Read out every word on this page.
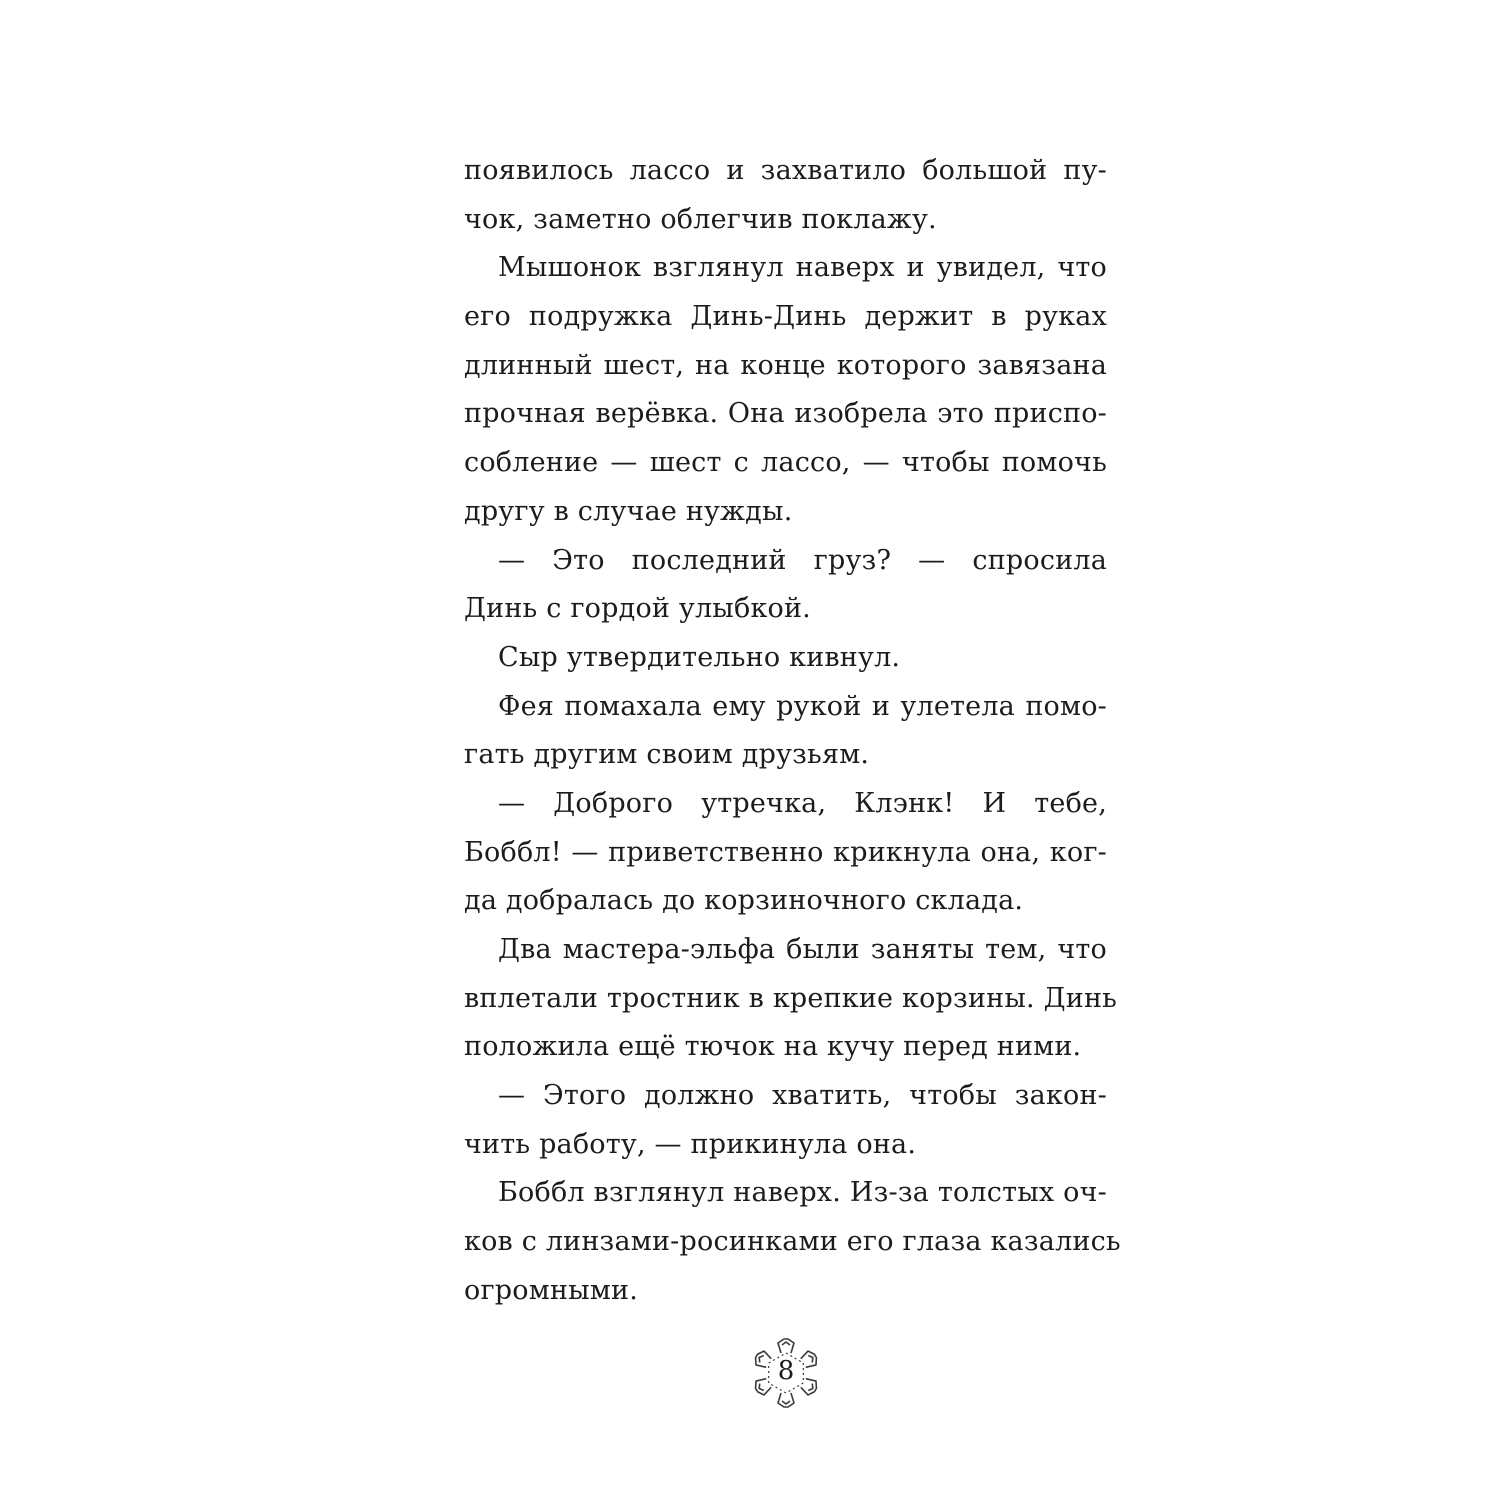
появилось лассо и захватило большой пу-
чок, заметно облегчив поклажу.
Мышонок взглянул наверх и увидел, что
его подружка Динь-Динь держит в руках
длинный шест, на конце которого завязана
прочная верёвка. Она изобрела это приспо-
собление — шест с лассо, — чтобы помочь
другу в случае нужды.
— Это последний груз? — спросила
Динь с гордой улыбкой.
Сыр утвердительно кивнул.
Фея помахала ему рукой и улетела помо-
гать другим своим друзьям.
— Доброго утречка, Клэнк! И тебе,
Боббл! — приветственно крикнула она, ког-
да добралась до корзиночного склада.
Два мастера-эльфа были заняты тем, что
вплетали тростник в крепкие корзины. Динь
положила ещё тючок на кучу перед ними.
— Этого должно хватить, чтобы закон-
чить работу, — прикинула она.
Боббл взглянул наверх. Из-за толстых оч-
ков с линзами-росинками его глаза казались
огромными.
8
